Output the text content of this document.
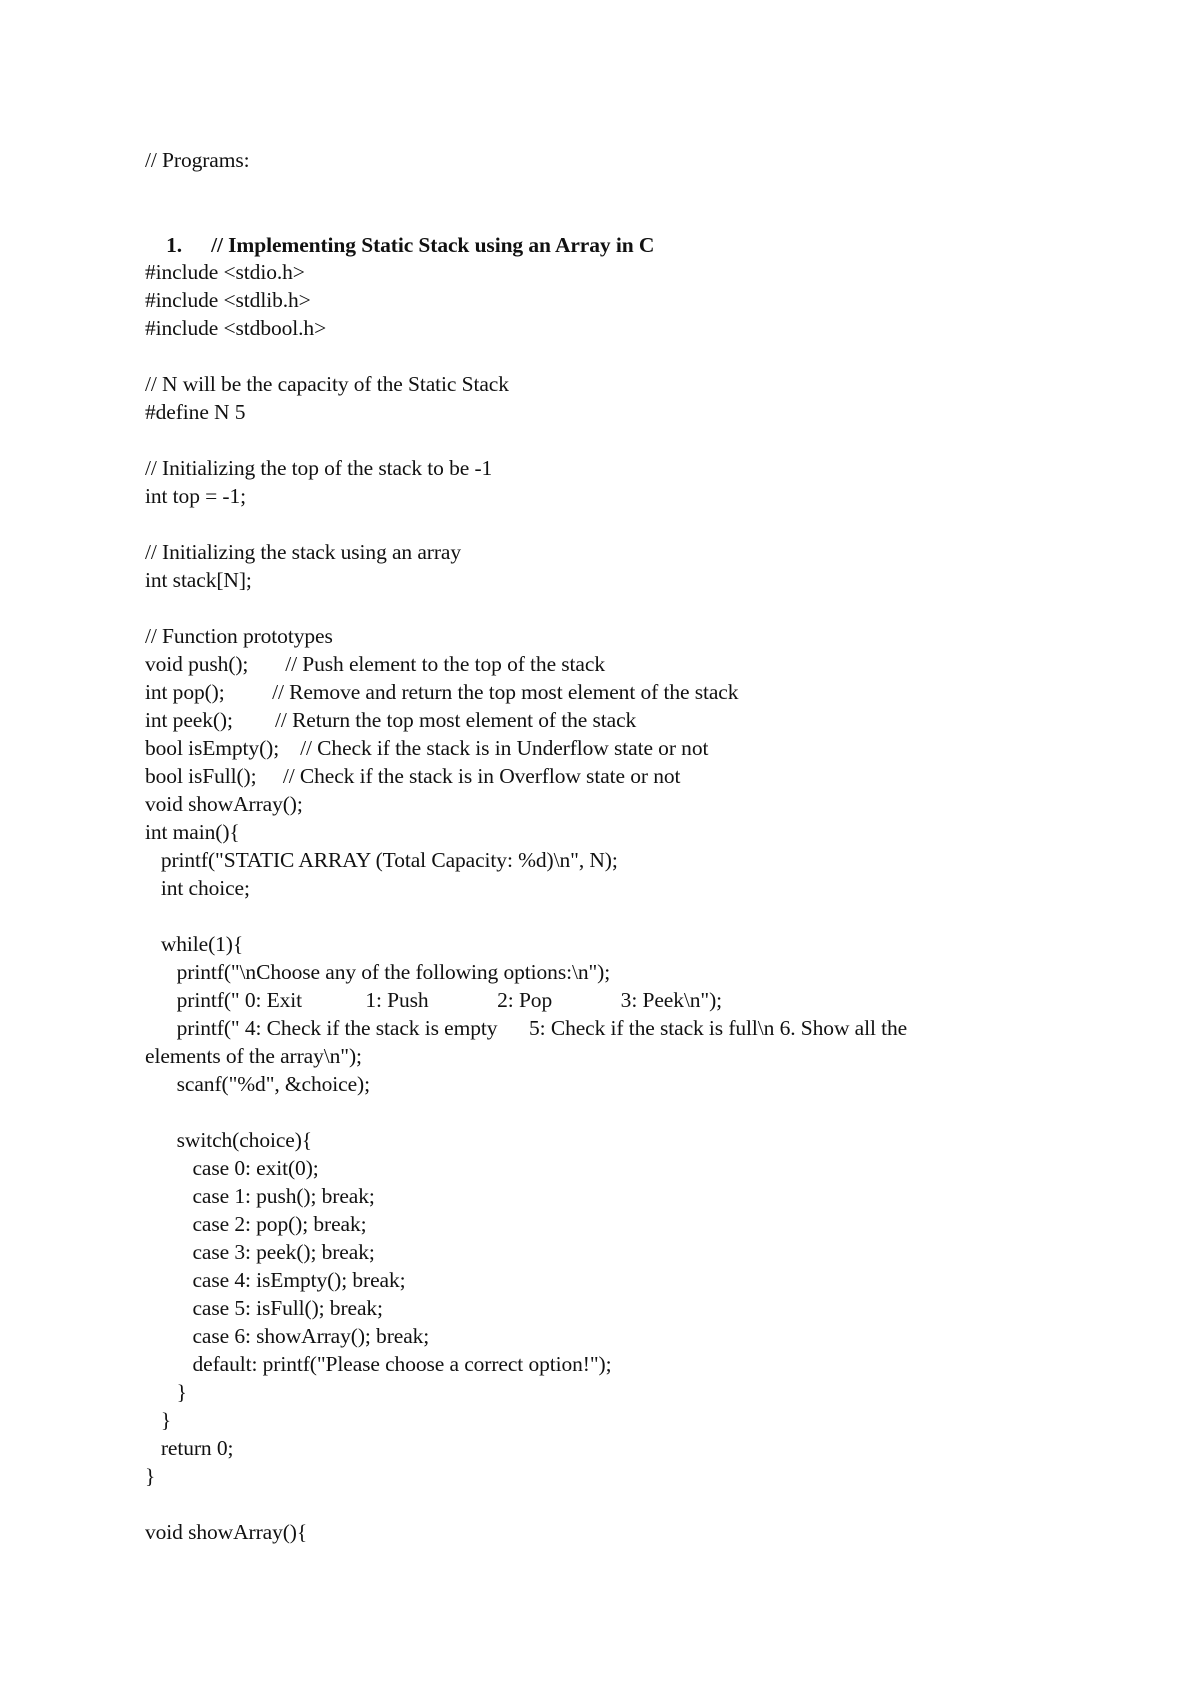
// Programs:

1. // Implementing Static Stack using an Array in C

#include <stdio.h>
#include <stdlib.h>
#include <stdbool.h>
// N will be the capacity of the Static Stack
#define N 5
// Initializing the top of the stack to be -1
int top = -1;
// Initializing the stack using an array
int stack[N];
// Function prototypes
void push();       // Push element to the top of the stack
int pop();         // Remove and return the top most element of the stack
int peek();        // Return the top most element of the stack
bool isEmpty();    // Check if the stack is in Underflow state or not
bool isFull();     // Check if the stack is in Overflow state or not
void showArray();
int main(){
printf("STATIC ARRAY (Total Capacity: %d)\n", N);
int choice;
while(1){
printf("\nChoose any of the following options:\n");
printf(" 0: Exit            1: Push             2: Pop             3: Peek\n");
printf(" 4: Check if the stack is empty      5: Check if the stack is full\n 6. Show all the
elements of the array\n");
scanf("%d", &choice);
switch(choice){
case 0: exit(0);
case 1: push(); break;
case 2: pop(); break;
case 3: peek(); break;
case 4: isEmpty(); break;
case 5: isFull(); break;
case 6: showArray(); break;
default: printf("Please choose a correct option!");
}
}
return 0;
}
void showArray(){
